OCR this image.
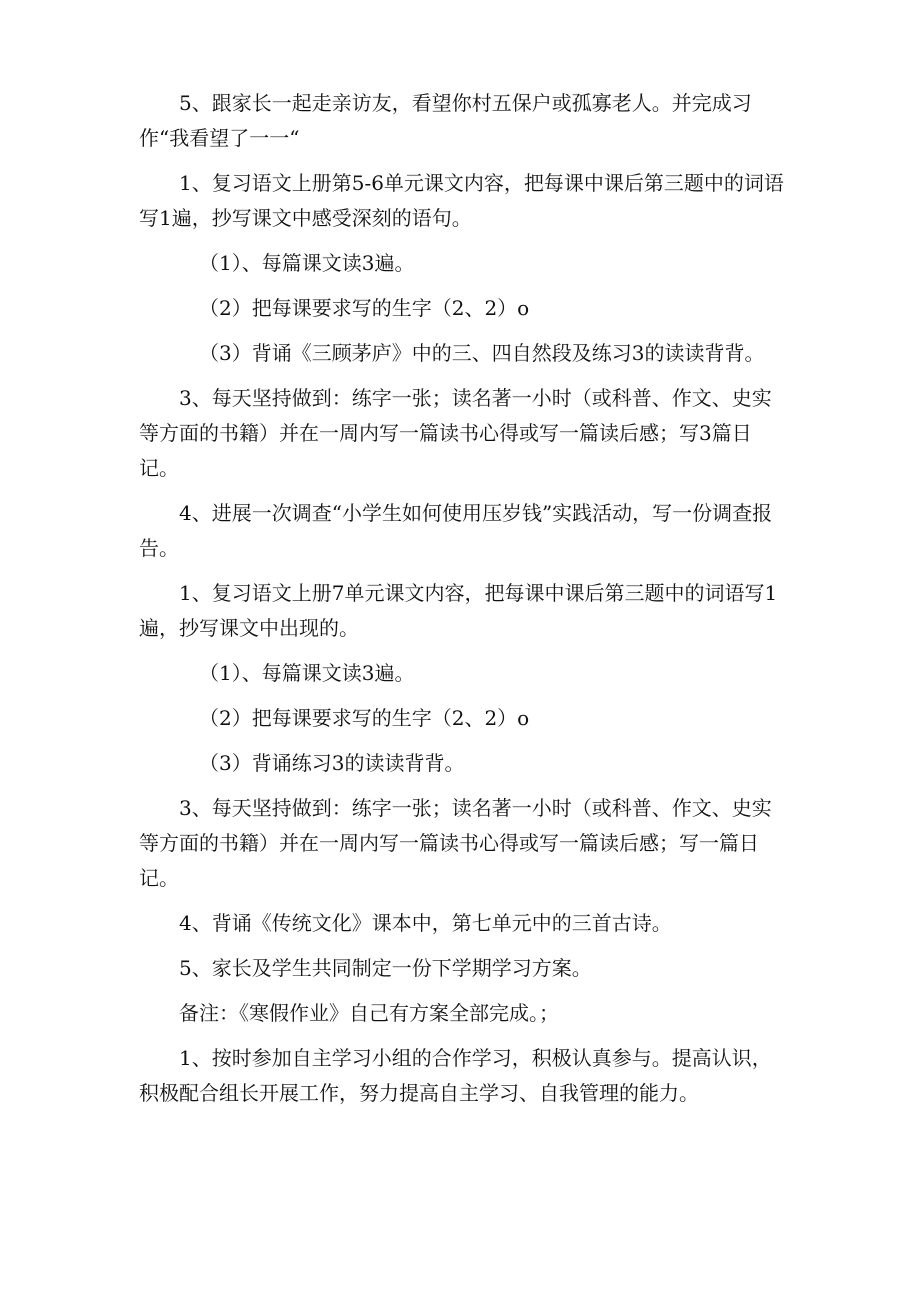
5、跟家长一起走亲访友，看望你村五保户或孤寡老人。并完成习作“我看望了一一“

1、复习语文上册第5-6单元课文内容，把每课中课后第三题中的词语写1遍，抄写课文中感受深刻的语句。

（1）、每篇课文读3遍。

（2）把每课要求写的生字（2、2）o

（3）背诵《三顾茅庐》中的三、四自然段及练习3的读读背背。

3、每天坚持做到：练字一张；读名著一小时（或科普、作文、史实等方面的书籍）并在一周内写一篇读书心得或写一篇读后感；写3篇日记。

4、进展一次调查“小学生如何使用压岁钱”实践活动，写一份调查报告。

1、复习语文上册7单元课文内容，把每课中课后第三题中的词语写1遍，抄写课文中出现的。

（1）、每篇课文读3遍。

（2）把每课要求写的生字（2、2）o

（3）背诵练习3的读读背背。

3、每天坚持做到：练字一张；读名著一小时（或科普、作文、史实等方面的书籍）并在一周内写一篇读书心得或写一篇读后感；写一篇日记。

4、背诵《传统文化》课本中，第七单元中的三首古诗。

5、家长及学生共同制定一份下学期学习方案。

备注：《寒假作业》自己有方案全部完成。；

1、按时参加自主学习小组的合作学习，积极认真参与。提高认识，积极配合组长开展工作，努力提高自主学习、自我管理的能力。
